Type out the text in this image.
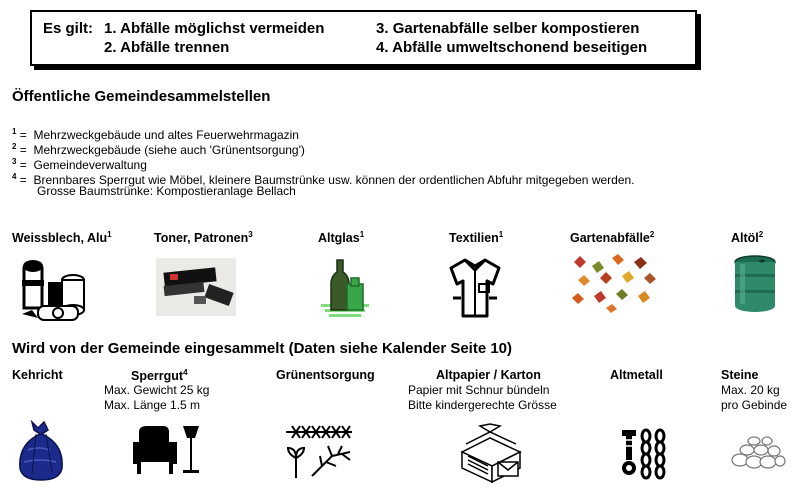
Es gilt: 1. Abfälle möglichst vermeiden
2. Abfälle trennen
3. Gartenabfälle selber kompostieren
4. Abfälle umweltschonend beseitigen
Öffentliche Gemeindesammelstellen
$^1$ = Mehrzweckgebäude und altes Feuerwehrmagazin
$^2$ = Mehrzweckgebäude (siehe auch 'Grünentsorgung')
$^3$ = Gemeindeverwaltung
$^4$ = Brennbares Sperrgut wie Möbel, kleinere Baumstrünke usw. können der ordentlichen Abfuhr mitgegeben werden.
Grosse Baumstrünke: Kompostieranlage Bellach
Weissblech, Alu$^1$	Toner, Patronen$^3$	Altglas$^1$	Textilien$^1$	Gartenabfälle$^2$	Altöl$^2$
Wird von der Gemeinde eingesammelt (Daten siehe Kalender Seite 10)
Kehricht	Sperrgut$^4$
Max. Gewicht 25 kg
Max. Länge 1.5 m
Grünentsorgung	Altpapier / Karton
Papier mit Schnur bündeln
Bitte kindergerechte Grösse
Altmetall	Steine
Max. 20 kg
pro Gebinde
